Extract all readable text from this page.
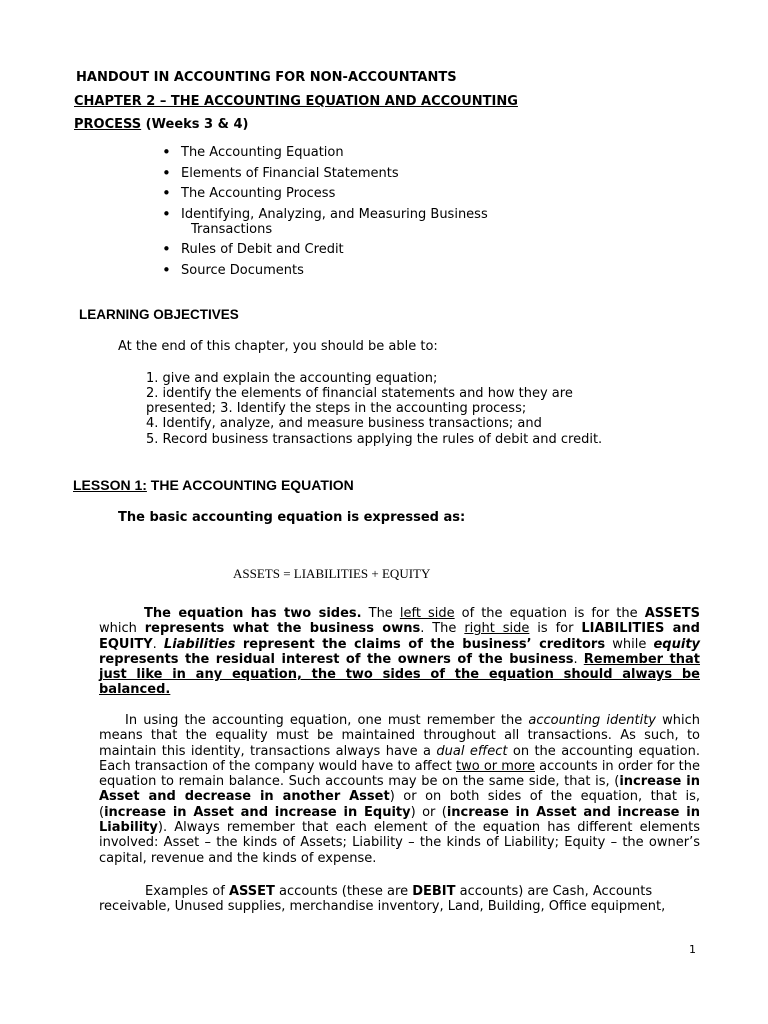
HANDOUT IN ACCOUNTING FOR NON-ACCOUNTANTS
CHAPTER 2 – THE ACCOUNTING EQUATION AND ACCOUNTING
PROCESS (Weeks 3 & 4)
• The Accounting Equation
• Elements of Financial Statements
• The Accounting Process
• Identifying, Analyzing, and Measuring Business
Transactions
• Rules of Debit and Credit
• Source Documents
LEARNING OBJECTIVES
At the end of this chapter, you should be able to:
1. give and explain the accounting equation;
2. identify the elements of financial statements and how they are
presented; 3. Identify the steps in the accounting process;
4. Identify, analyze, and measure business transactions; and
5. Record business transactions applying the rules of debit and credit.
LESSON 1: THE ACCOUNTING EQUATION
The basic accounting equation is expressed as:
ASSETS = LIABILITIES + EQUITY
The equation has two sides. The left side of the equation is for the ASSETS which represents what the business owns. The right side is for LIABILITIES and EQUITY. Liabilities represent the claims of the business’ creditors while equity represents the residual interest of the owners of the business. Remember that just like in any equation, the two sides of the equation should always be balanced.
In using the accounting equation, one must remember the accounting identity which means that the equality must be maintained throughout all transactions. As such, to maintain this identity, transactions always have a dual effect on the accounting equation. Each transaction of the company would have to affect two or more accounts in order for the equation to remain balance. Such accounts may be on the same side, that is, (increase in Asset and decrease in another Asset) or on both sides of the equation, that is, (increase in Asset and increase in Equity) or (increase in Asset and increase in Liability). Always remember that each element of the equation has different elements involved: Asset – the kinds of Assets; Liability – the kinds of Liability; Equity – the owner’s capital, revenue and the kinds of expense.
Examples of ASSET accounts (these are DEBIT accounts) are Cash, Accounts receivable, Unused supplies, merchandise inventory, Land, Building, Office equipment,
1
